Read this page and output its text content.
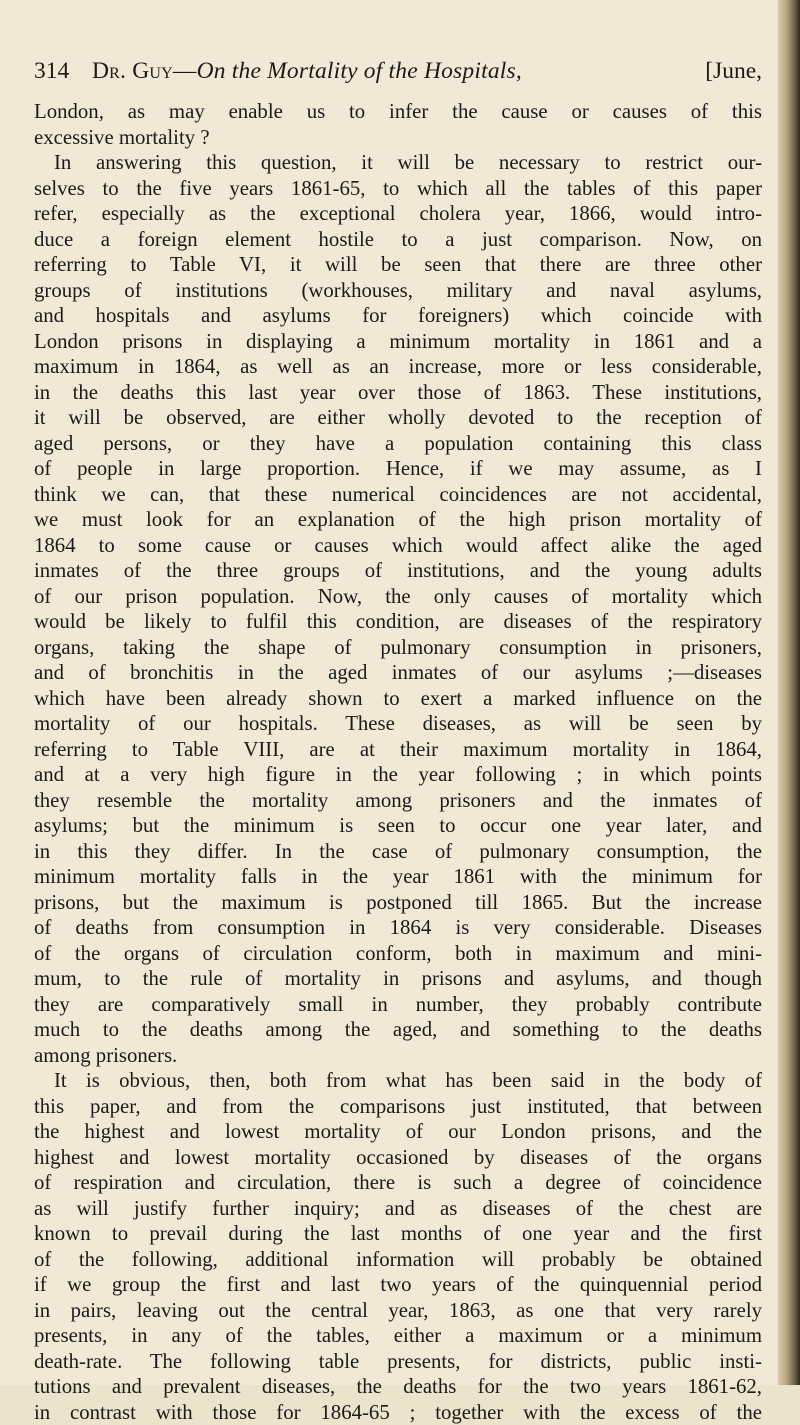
314 Dr. Guy—On the Mortality of the Hospitals,	[June,
London, as may enable us to infer the cause or causes of this
excessive mortality ?
In answering this question, it will be necessary to restrict our-
selves to the five years 1861-65, to which all the tables of this paper
refer, especially as the exceptional cholera year, 1866, would intro-
duce a foreign element hostile to a just comparison. Now, on
referring to Table VI, it will be seen that there are three other
groups of institutions (workhouses, military and naval asylums,
and hospitals and asylums for foreigners) which coincide with
London prisons in displaying a minimum mortality in 1861 and a
maximum in 1864, as well as an increase, more or less considerable,
in the deaths this last year over those of 1863. These institutions,
it will be observed, are either wholly devoted to the reception of
aged persons, or they have a population containing this class
of people in large proportion. Hence, if we may assume, as I
think we can, that these numerical coincidences are not accidental,
we must look for an explanation of the high prison mortality of
1864 to some cause or causes which would affect alike the aged
inmates of the three groups of institutions, and the young adults
of our prison population. Now, the only causes of mortality which
would be likely to fulfil this condition, are diseases of the respiratory
organs, taking the shape of pulmonary consumption in prisoners,
and of bronchitis in the aged inmates of our asylums ;—diseases
which have been already shown to exert a marked influence on the
mortality of our hospitals. These diseases, as will be seen by
referring to Table VIII, are at their maximum mortality in 1864,
and at a very high figure in the year following ; in which points
they resemble the mortality among prisoners and the inmates of
asylums; but the minimum is seen to occur one year later, and
in this they differ. In the case of pulmonary consumption, the
minimum mortality falls in the year 1861 with the minimum for
prisons, but the maximum is postponed till 1865. But the increase
of deaths from consumption in 1864 is very considerable. Diseases
of the organs of circulation conform, both in maximum and mini-
mum, to the rule of mortality in prisons and asylums, and though
they are comparatively small in number, they probably contribute
much to the deaths among the aged, and something to the deaths
among prisoners.
It is obvious, then, both from what has been said in the body of
this paper, and from the comparisons just instituted, that between
the highest and lowest mortality of our London prisons, and the
highest and lowest mortality occasioned by diseases of the organs
of respiration and circulation, there is such a degree of coincidence
as will justify further inquiry; and as diseases of the chest are
known to prevail during the last months of one year and the first
of the following, additional information will probably be obtained
if we group the first and last two years of the quinquennial period
in pairs, leaving out the central year, 1863, as one that very rarely
presents, in any of the tables, either a maximum or a minimum
death-rate. The following table presents, for districts, public insti-
tutions and prevalent diseases, the deaths for the two years 1861-62,
in contrast with those for 1864-65 ; together with the excess of the
